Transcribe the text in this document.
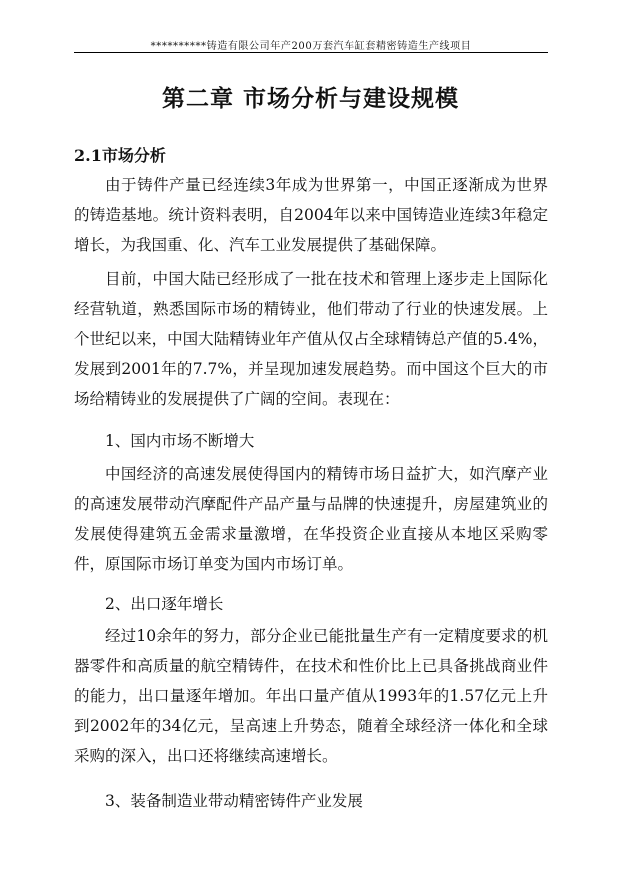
**********铸造有限公司年产200万套汽车缸套精密铸造生产线项目
第二章 市场分析与建设规模
2.1市场分析

由于铸件产量已经连续3年成为世界第一，中国正逐渐成为世界的铸造基地。统计资料表明，自2004年以来中国铸造业连续3年稳定增长，为我国重、化、汽车工业发展提供了基础保障。

目前，中国大陆已经形成了一批在技术和管理上逐步走上国际化经营轨道，熟悉国际市场的精铸业，他们带动了行业的快速发展。上个世纪以来，中国大陆精铸业年产值从仅占全球精铸总产值的5.4%，发展到2001年的7.7%，并呈现加速发展趋势。而中国这个巨大的市场给精铸业的发展提供了广阔的空间。表现在：

1、国内市场不断增大

中国经济的高速发展使得国内的精铸市场日益扩大，如汽摩产业的高速发展带动汽摩配件产品产量与品牌的快速提升，房屋建筑业的发展使得建筑五金需求量激增，在华投资企业直接从本地区采购零件，原国际市场订单变为国内市场订单。

2、出口逐年增长

经过10余年的努力，部分企业已能批量生产有一定精度要求的机器零件和高质量的航空精铸件，在技术和性价比上已具备挑战商业件的能力，出口量逐年增加。年出口量产值从1993年的1.57亿元上升到2002年的34亿元，呈高速上升势态，随着全球经济一体化和全球采购的深入，出口还将继续高速增长。

3、装备制造业带动精密铸件产业发展
